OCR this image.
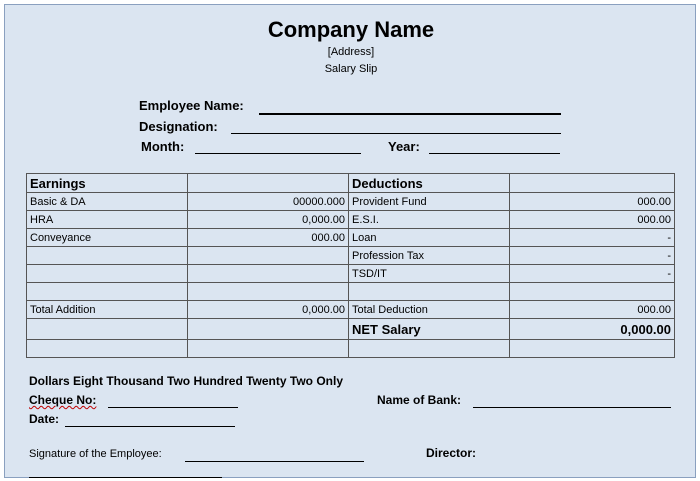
Company Name
[Address]
Salary Slip
Employee Name:
Designation:
Month:	Year:
Earnings		Deductions	
Basic & DA	00000.000	Provident Fund	000.00
HRA	0,000.00	E.S.I.	000.00
Conveyance	000.00	Loan	-
		Profession Tax	-
		TSD/IT	-

Total Addition	0,000.00	Total Deduction	000.00
		NET Salary	0,000.00

Dollars Eight Thousand Two Hundred Twenty Two Only
Cheque No:	Name of Bank:
Date:
Signature of the Employee:	Director:
